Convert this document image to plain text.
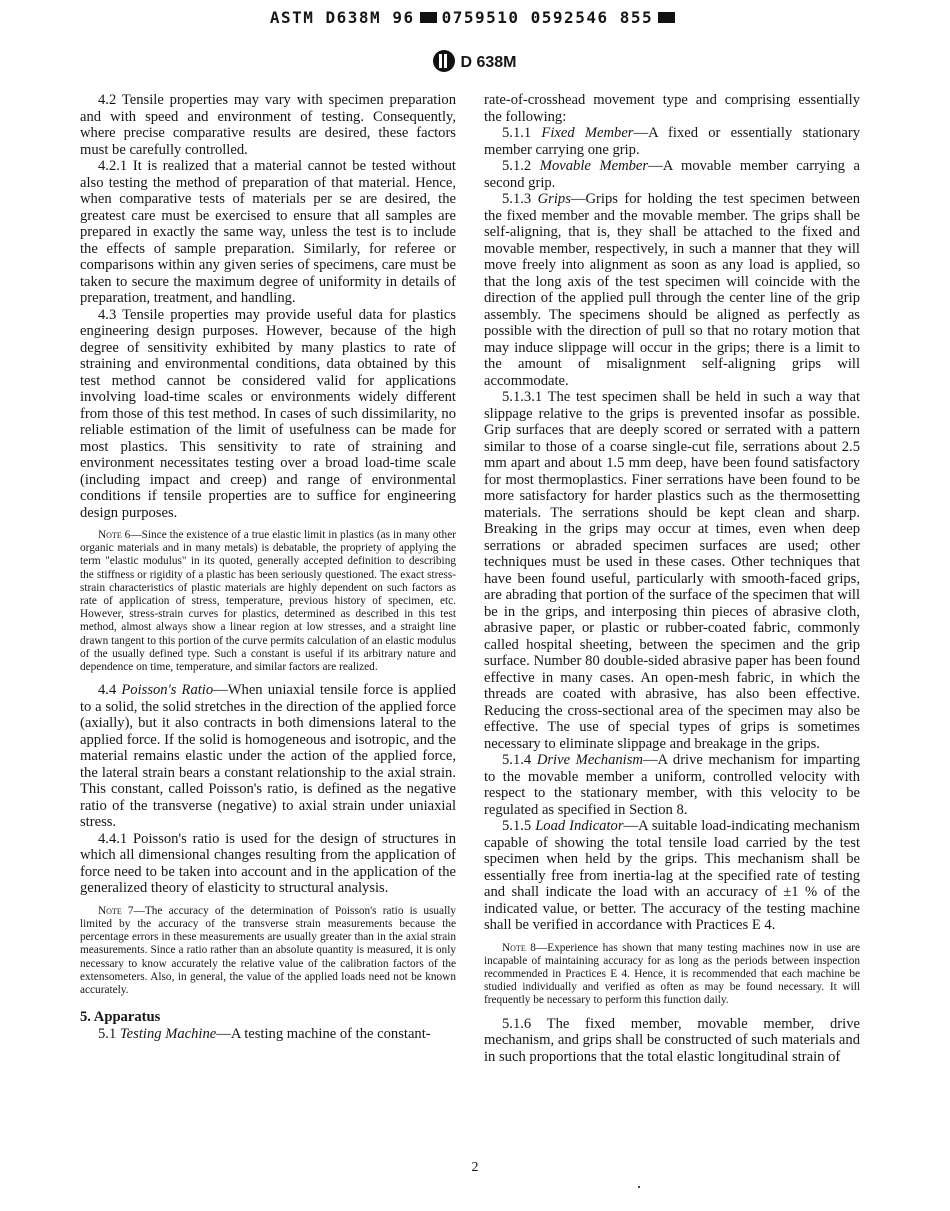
ASTM D638M 96 0759510 0592546 855
D 638M

4.2 Tensile properties may vary with specimen preparation and with speed and environment of testing. Consequently, where precise comparative results are desired, these factors must be carefully controlled.

4.2.1 It is realized that a material cannot be tested without also testing the method of preparation of that material. Hence, when comparative tests of materials per se are desired, the greatest care must be exercised to ensure that all samples are prepared in exactly the same way, unless the test is to include the effects of sample preparation. Similarly, for referee or comparisons within any given series of specimens, care must be taken to secure the maximum degree of uniformity in details of preparation, treatment, and handling.

4.3 Tensile properties may provide useful data for plastics engineering design purposes. However, because of the high degree of sensitivity exhibited by many plastics to rate of straining and environmental conditions, data obtained by this test method cannot be considered valid for applications involving load-time scales or environments widely different from those of this test method. In cases of such dissimilarity, no reliable estimation of the limit of usefulness can be made for most plastics. This sensitivity to rate of straining and environment necessitates testing over a broad load-time scale (including impact and creep) and range of environmental conditions if tensile properties are to suffice for engineering design purposes.

Note 6—Since the existence of a true elastic limit in plastics (as in many other organic materials and in many metals) is debatable, the propriety of applying the term "elastic modulus" in its quoted, generally accepted definition to describing the stiffness or rigidity of a plastic has been seriously questioned. The exact stress-strain characteristics of plastic materials are highly dependent on such factors as rate of application of stress, temperature, previous history of specimen, etc. However, stress-strain curves for plastics, determined as described in this test method, almost always show a linear region at low stresses, and a straight line drawn tangent to this portion of the curve permits calculation of an elastic modulus of the usually defined type. Such a constant is useful if its arbitrary nature and dependence on time, temperature, and similar factors are realized.

4.4 Poisson's Ratio—When uniaxial tensile force is applied to a solid, the solid stretches in the direction of the applied force (axially), but it also contracts in both dimensions lateral to the applied force. If the solid is homogeneous and isotropic, and the material remains elastic under the action of the applied force, the lateral strain bears a constant relationship to the axial strain. This constant, called Poisson's ratio, is defined as the negative ratio of the transverse (negative) to axial strain under uniaxial stress.

4.4.1 Poisson's ratio is used for the design of structures in which all dimensional changes resulting from the application of force need to be taken into account and in the application of the generalized theory of elasticity to structural analysis.

Note 7—The accuracy of the determination of Poisson's ratio is usually limited by the accuracy of the transverse strain measurements because the percentage errors in these measurements are usually greater than in the axial strain measurements. Since a ratio rather than an absolute quantity is measured, it is only necessary to know accurately the relative value of the calibration factors of the extensometers. Also, in general, the value of the applied loads need not be known accurately.

5. Apparatus

5.1 Testing Machine—A testing machine of the constant-

rate-of-crosshead movement type and comprising essentially the following:

5.1.1 Fixed Member—A fixed or essentially stationary member carrying one grip.

5.1.2 Movable Member—A movable member carrying a second grip.

5.1.3 Grips—Grips for holding the test specimen between the fixed member and the movable member. The grips shall be self-aligning, that is, they shall be attached to the fixed and movable member, respectively, in such a manner that they will move freely into alignment as soon as any load is applied, so that the long axis of the test specimen will coincide with the direction of the applied pull through the center line of the grip assembly. The specimens should be aligned as perfectly as possible with the direction of pull so that no rotary motion that may induce slippage will occur in the grips; there is a limit to the amount of misalignment self-aligning grips will accommodate.

5.1.3.1 The test specimen shall be held in such a way that slippage relative to the grips is prevented insofar as possible. Grip surfaces that are deeply scored or serrated with a pattern similar to those of a coarse single-cut file, serrations about 2.5 mm apart and about 1.5 mm deep, have been found satisfactory for most thermoplastics. Finer serrations have been found to be more satisfactory for harder plastics such as the thermosetting materials. The serrations should be kept clean and sharp. Breaking in the grips may occur at times, even when deep serrations or abraded specimen surfaces are used; other techniques must be used in these cases. Other techniques that have been found useful, particularly with smooth-faced grips, are abrading that portion of the surface of the specimen that will be in the grips, and interposing thin pieces of abrasive cloth, abrasive paper, or plastic or rubber-coated fabric, commonly called hospital sheeting, between the specimen and the grip surface. Number 80 double-sided abrasive paper has been found effective in many cases. An open-mesh fabric, in which the threads are coated with abrasive, has also been effective. Reducing the cross-sectional area of the specimen may also be effective. The use of special types of grips is sometimes necessary to eliminate slippage and breakage in the grips.

5.1.4 Drive Mechanism—A drive mechanism for imparting to the movable member a uniform, controlled velocity with respect to the stationary member, with this velocity to be regulated as specified in Section 8.

5.1.5 Load Indicator—A suitable load-indicating mechanism capable of showing the total tensile load carried by the test specimen when held by the grips. This mechanism shall be essentially free from inertia-lag at the specified rate of testing and shall indicate the load with an accuracy of ±1 % of the indicated value, or better. The accuracy of the testing machine shall be verified in accordance with Practices E 4.

Note 8—Experience has shown that many testing machines now in use are incapable of maintaining accuracy for as long as the periods between inspection recommended in Practices E 4. Hence, it is recommended that each machine be studied individually and verified as often as may be found necessary. It will frequently be necessary to perform this function daily.

5.1.6 The fixed member, movable member, drive mechanism, and grips shall be constructed of such materials and in such proportions that the total elastic longitudinal strain of

2
